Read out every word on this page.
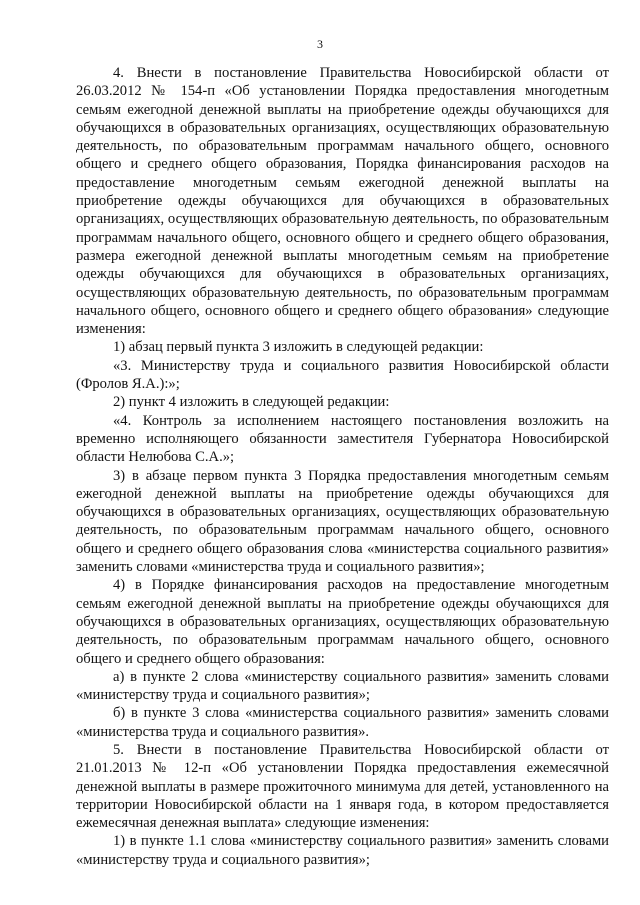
3

4. Внести в постановление Правительства Новосибирской области от 26.03.2012 № 154-п «Об установлении Порядка предоставления многодетным семьям ежегодной денежной выплаты на приобретение одежды обучающихся для обучающихся в образовательных организациях, осуществляющих образовательную деятельность, по образовательным программам начального общего, основного общего и среднего общего образования, Порядка финансирования расходов на предоставление многодетным семьям ежегодной денежной выплаты на приобретение одежды обучающихся для обучающихся в образовательных организациях, осуществляющих образовательную деятельность, по образовательным программам начального общего, основного общего и среднего общего образования, размера ежегодной денежной выплаты многодетным семьям на приобретение одежды обучающихся для обучающихся в образовательных организациях, осуществляющих образовательную деятельность, по образовательным программам начального общего, основного общего и среднего общего образования» следующие изменения:

1) абзац первый пункта 3 изложить в следующей редакции:

«3. Министерству труда и социального развития Новосибирской области (Фролов Я.А.):»;

2) пункт 4 изложить в следующей редакции:

«4. Контроль за исполнением настоящего постановления возложить на временно исполняющего обязанности заместителя Губернатора Новосибирской области Нелюбова С.А.»;

3) в абзаце первом пункта 3 Порядка предоставления многодетным семьям ежегодной денежной выплаты на приобретение одежды обучающихся для обучающихся в образовательных организациях, осуществляющих образовательную деятельность, по образовательным программам начального общего, основного общего и среднего общего образования слова «министерства социального развития» заменить словами «министерства труда и социального развития»;

4) в Порядке финансирования расходов на предоставление многодетным семьям ежегодной денежной выплаты на приобретение одежды обучающихся для обучающихся в образовательных организациях, осуществляющих образовательную деятельность, по образовательным программам начального общего, основного общего и среднего общего образования:

а) в пункте 2 слова «министерству социального развития» заменить словами «министерству труда и социального развития»;

б) в пункте 3 слова «министерства социального развития» заменить словами «министерства труда и социального развития».

5. Внести в постановление Правительства Новосибирской области от 21.01.2013 № 12-п «Об установлении Порядка предоставления ежемесячной денежной выплаты в размере прожиточного минимума для детей, установленного на территории Новосибирской области на 1 января года, в котором предоставляется ежемесячная денежная выплата» следующие изменения:

1) в пункте 1.1 слова «министерству социального развития» заменить словами «министерству труда и социального развития»;
